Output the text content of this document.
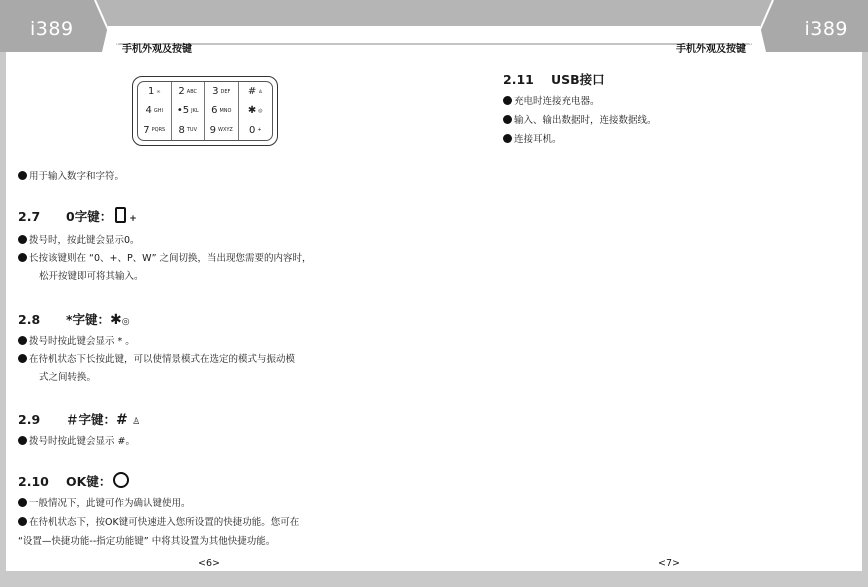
i389	i389
手机外观及按键	手机外观及按键
1 ∞ 2 ABC 3 DEF # ♙
4 GHI •5 JKL 6 MNO ✱ ◎
7 PQRS 8 TUV 9 WXYZ 0 +
用于输入数字和字符。
2.7 0字键： +
拨号时，按此键会显示0。
长按该键则在 “0、+、P、W” 之间切换，当出现您需要的内容时，
松开按键即可将其输入。
2.8 *字键：✱◎
拨号时按此键会显示 * 。
在待机状态下长按此键，可以使情景模式在选定的模式与振动模
式之间转换。
2.9 ＃字键：# ♙
拨号时按此键会显示 #。
2.10 OK键：
一般情况下，此键可作为确认键使用。
在待机状态下，按OK键可快速进入您所设置的快捷功能。您可在
“设置—快捷功能--指定功能键” 中将其设置为其他快捷功能。
<6>
2.11 USB接口
充电时连接充电器。
输入、输出数据时，连接数据线。
连接耳机。
<7>
